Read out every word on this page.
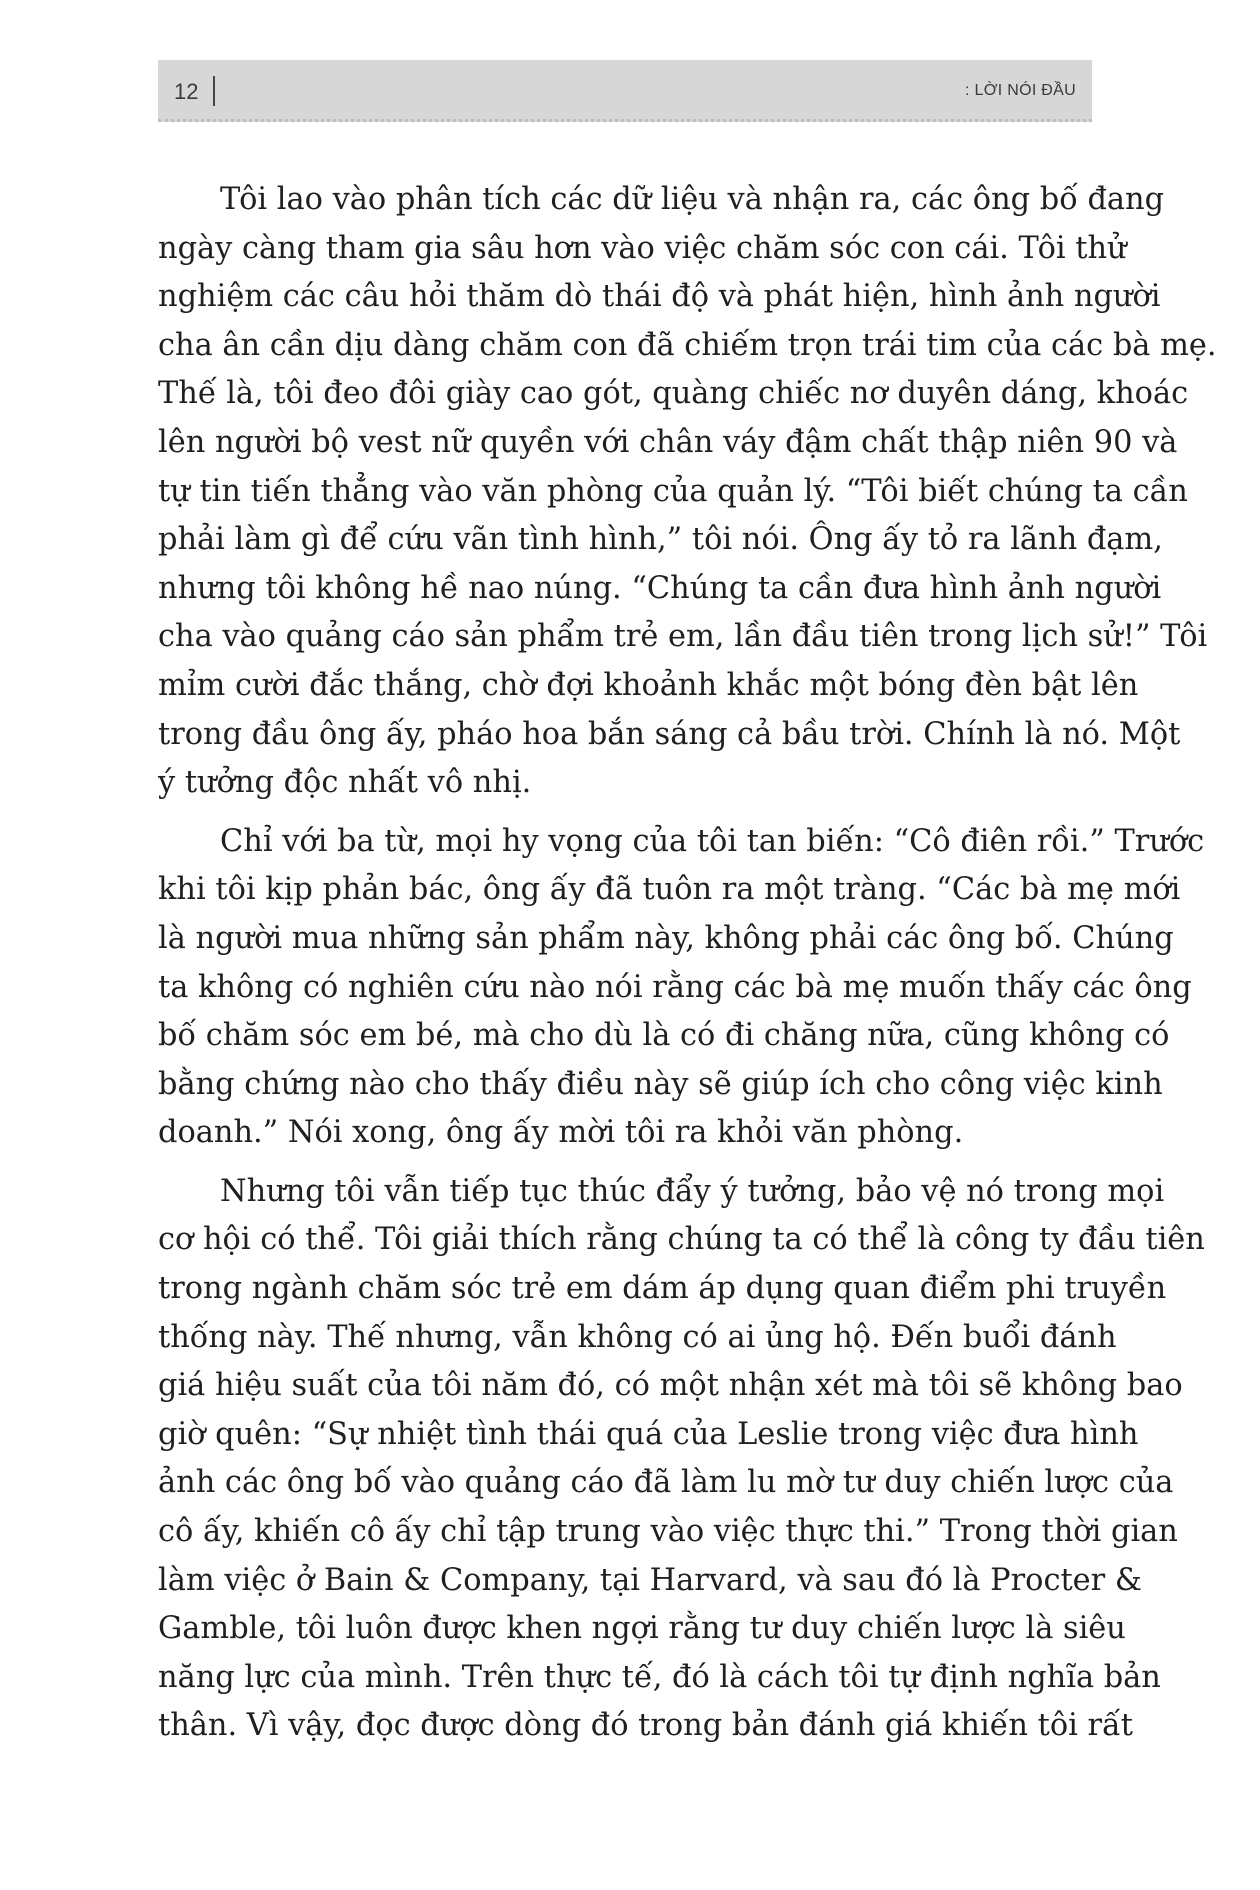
12	: LỜI NÓI ĐẦU

Tôi lao vào phân tích các dữ liệu và nhận ra, các ông bố đang
ngày càng tham gia sâu hơn vào việc chăm sóc con cái. Tôi thử
nghiệm các câu hỏi thăm dò thái độ và phát hiện, hình ảnh người
cha ân cần dịu dàng chăm con đã chiếm trọn trái tim của các bà mẹ.
Thế là, tôi đeo đôi giày cao gót, quàng chiếc nơ duyên dáng, khoác
lên người bộ vest nữ quyền với chân váy đậm chất thập niên 90 và
tự tin tiến thẳng vào văn phòng của quản lý. “Tôi biết chúng ta cần
phải làm gì để cứu vãn tình hình,” tôi nói. Ông ấy tỏ ra lãnh đạm,
nhưng tôi không hề nao núng. “Chúng ta cần đưa hình ảnh người
cha vào quảng cáo sản phẩm trẻ em, lần đầu tiên trong lịch sử!” Tôi
mỉm cười đắc thắng, chờ đợi khoảnh khắc một bóng đèn bật lên
trong đầu ông ấy, pháo hoa bắn sáng cả bầu trời. Chính là nó. Một
ý tưởng độc nhất vô nhị.

Chỉ với ba từ, mọi hy vọng của tôi tan biến: “Cô điên rồi.” Trước
khi tôi kịp phản bác, ông ấy đã tuôn ra một tràng. “Các bà mẹ mới
là người mua những sản phẩm này, không phải các ông bố. Chúng
ta không có nghiên cứu nào nói rằng các bà mẹ muốn thấy các ông
bố chăm sóc em bé, mà cho dù là có đi chăng nữa, cũng không có
bằng chứng nào cho thấy điều này sẽ giúp ích cho công việc kinh
doanh.” Nói xong, ông ấy mời tôi ra khỏi văn phòng.

Nhưng tôi vẫn tiếp tục thúc đẩy ý tưởng, bảo vệ nó trong mọi
cơ hội có thể. Tôi giải thích rằng chúng ta có thể là công ty đầu tiên
trong ngành chăm sóc trẻ em dám áp dụng quan điểm phi truyền
thống này. Thế nhưng, vẫn không có ai ủng hộ. Đến buổi đánh
giá hiệu suất của tôi năm đó, có một nhận xét mà tôi sẽ không bao
giờ quên: “Sự nhiệt tình thái quá của Leslie trong việc đưa hình
ảnh các ông bố vào quảng cáo đã làm lu mờ tư duy chiến lược của
cô ấy, khiến cô ấy chỉ tập trung vào việc thực thi.” Trong thời gian
làm việc ở Bain & Company, tại Harvard, và sau đó là Procter &
Gamble, tôi luôn được khen ngợi rằng tư duy chiến lược là siêu
năng lực của mình. Trên thực tế, đó là cách tôi tự định nghĩa bản
thân. Vì vậy, đọc được dòng đó trong bản đánh giá khiến tôi rất
